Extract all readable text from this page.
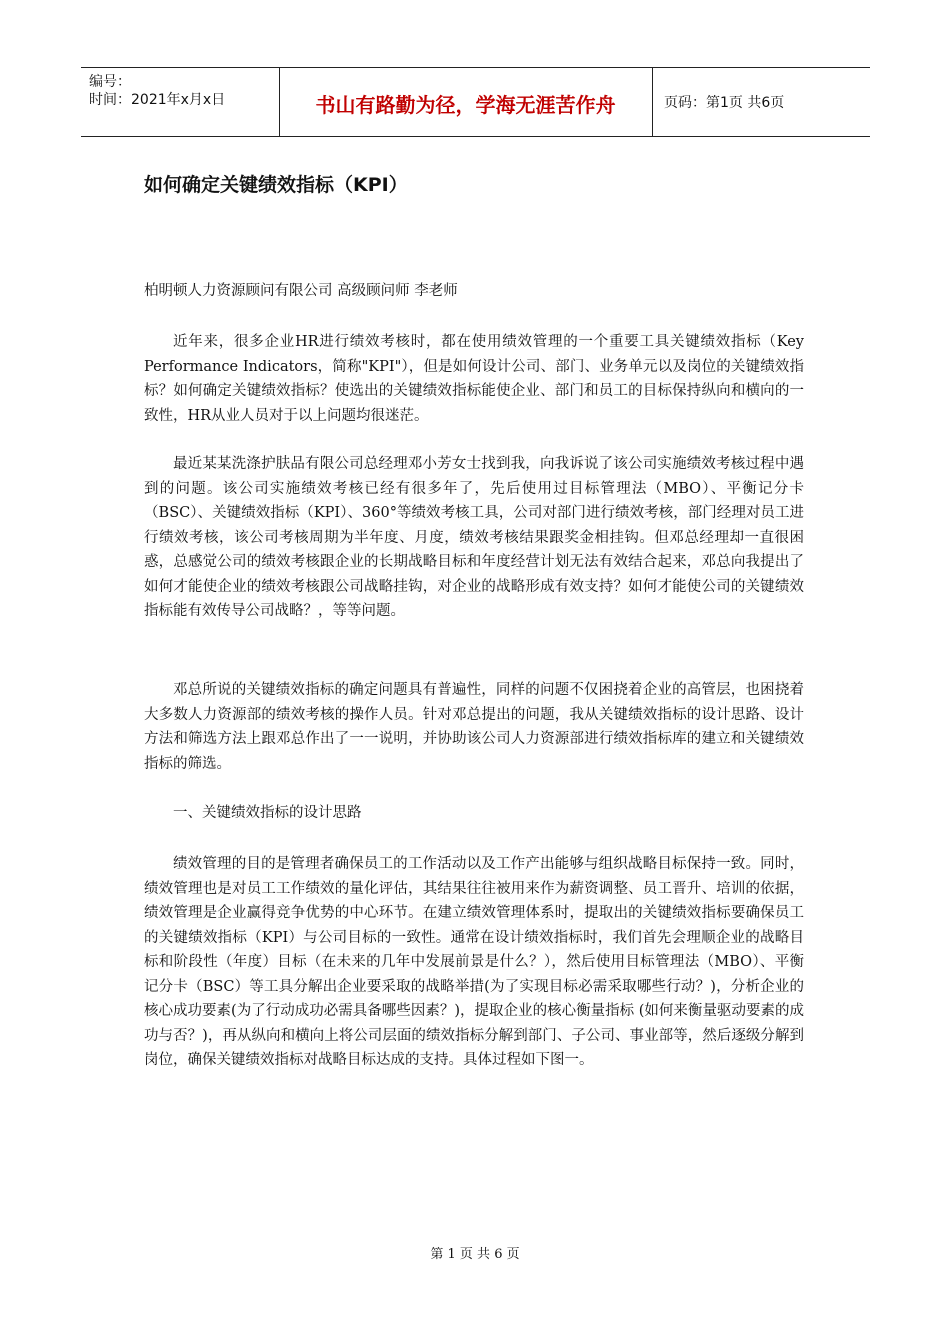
编号：
时间：2021年x月x日	书山有路勤为径，学海无涯苦作舟	页码：第1页 共6页
如何确定关键绩效指标（KPI）

柏明顿人力资源顾问有限公司 高级顾问师 李老师

近年来，很多企业HR进行绩效考核时，都在使用绩效管理的一个重要工具关键绩效指标（Key Performance Indicators，简称"KPI"），但是如何设计公司、部门、业务单元以及岗位的关键绩效指标？如何确定关键绩效指标？使选出的关键绩效指标能使企业、部门和员工的目标保持纵向和横向的一致性，HR从业人员对于以上问题均很迷茫。

最近某某洗涤护肤品有限公司总经理邓小芳女士找到我，向我诉说了该公司实施绩效考核过程中遇到的问题。该公司实施绩效考核已经有很多年了，先后使用过目标管理法（MBO）、平衡记分卡（BSC）、关键绩效指标（KPI）、360°等绩效考核工具，公司对部门进行绩效考核，部门经理对员工进行绩效考核，该公司考核周期为半年度、月度，绩效考核结果跟奖金相挂钩。但邓总经理却一直很困惑，总感觉公司的绩效考核跟企业的长期战略目标和年度经营计划无法有效结合起来，邓总向我提出了如何才能使企业的绩效考核跟公司战略挂钩，对企业的战略形成有效支持？如何才能使公司的关键绩效指标能有效传导公司战略？，等等问题。

邓总所说的关键绩效指标的确定问题具有普遍性，同样的问题不仅困挠着企业的高管层，也困挠着大多数人力资源部的绩效考核的操作人员。针对邓总提出的问题，我从关键绩效指标的设计思路、设计方法和筛选方法上跟邓总作出了一一说明，并协助该公司人力资源部进行绩效指标库的建立和关键绩效指标的筛选。

一、关键绩效指标的设计思路

绩效管理的目的是管理者确保员工的工作活动以及工作产出能够与组织战略目标保持一致。同时，绩效管理也是对员工工作绩效的量化评估，其结果往往被用来作为薪资调整、员工晋升、培训的依据，绩效管理是企业赢得竞争优势的中心环节。在建立绩效管理体系时，提取出的关键绩效指标要确保员工的关键绩效指标（KPI）与公司目标的一致性。通常在设计绩效指标时，我们首先会理顺企业的战略目标和阶段性（年度）目标（在未来的几年中发展前景是什么？），然后使用目标管理法（MBO）、平衡记分卡（BSC）等工具分解出企业要采取的战略举措(为了实现目标必需采取哪些行动？)，分析企业的核心成功要素(为了行动成功必需具备哪些因素？)，提取企业的核心衡量指标 (如何来衡量驱动要素的成功与否？)，再从纵向和横向上将公司层面的绩效指标分解到部门、子公司、事业部等，然后逐级分解到岗位，确保关键绩效指标对战略目标达成的支持。具体过程如下图一。

第 1 页 共 6 页
